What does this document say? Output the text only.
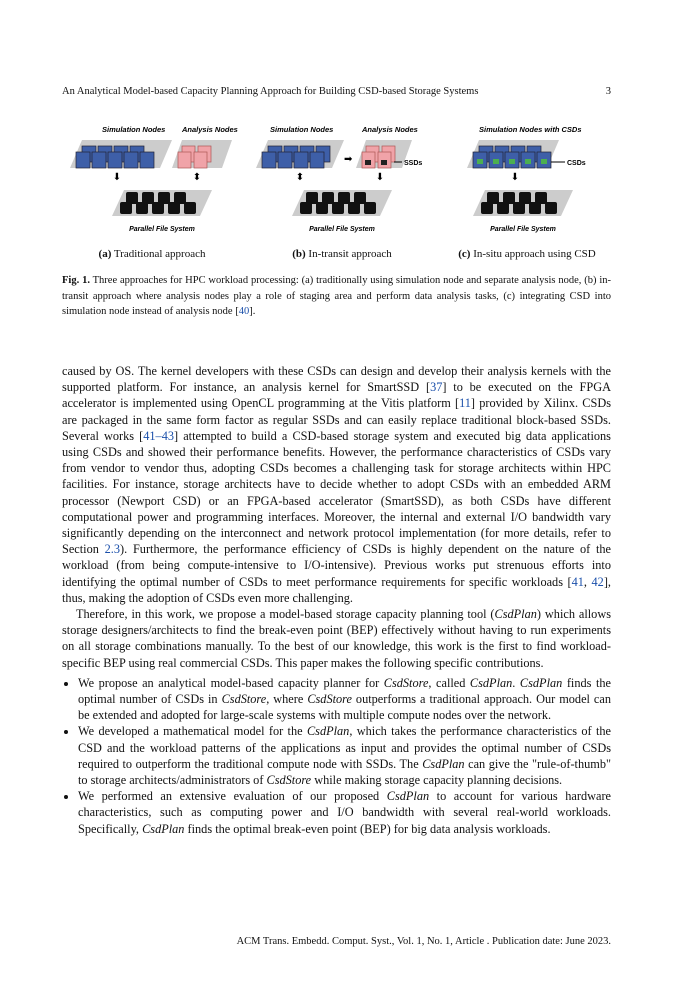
An Analytical Model-based Capacity Planning Approach for Building CSD-based Storage Systems	3
Simulation Nodes Analysis Nodes
⬇	⬍
Parallel File System
(a) Traditional approach
➡	SSDs
Simulation Nodes	Analysis Nodes
⬍	⬇
Parallel File System
(b) In-transit approach
CSDs
Simulation Nodes with CSDs
⬇
Parallel File System
(c) In-situ approach using CSD
Fig. 1. Three approaches for HPC workload processing: (a) traditionally using simulation node and separate analysis node, (b) in-transit approach where analysis nodes play a role of staging area and perform data analysis tasks, (c) integrating CSD into simulation node instead of analysis node [40].

caused by OS. The kernel developers with these CSDs can design and develop their analysis kernels with the supported platform. For instance, an analysis kernel for SmartSSD [37] to be executed on the FPGA accelerator is implemented using OpenCL programming at the Vitis platform [11] provided by Xilinx. CSDs are packaged in the same form factor as regular SSDs and can easily replace traditional block-based SSDs. Several works [41–43] attempted to build a CSD-based storage system and executed big data applications using CSDs and showed their performance benefits. However, the performance characteristics of CSDs vary from vendor to vendor thus, adopting CSDs becomes a challenging task for storage architects within HPC facilities. For instance, storage architects have to decide whether to adopt CSDs with an embedded ARM processor (Newport CSD) or an FPGA-based accelerator (SmartSSD), as both CSDs have different computational power and programming interfaces. Moreover, the internal and external I/O bandwidth vary significantly depending on the interconnect and network protocol implementation (for more details, refer to Section 2.3). Furthermore, the performance efficiency of CSDs is highly dependent on the nature of the workload (from being compute-intensive to I/O-intensive). Previous works put strenuous efforts into identifying the optimal number of CSDs to meet performance requirements for specific workloads [41, 42], thus, making the adoption of CSDs even more challenging.

Therefore, in this work, we propose a model-based storage capacity planning tool (CsdPlan) which allows storage designers/architects to find the break-even point (BEP) effectively without having to run experiments on all storage combinations manually. To the best of our knowledge, this work is the first to find workload-specific BEP using real commercial CSDs. This paper makes the following specific contributions.

• We propose an analytical model-based capacity planner for CsdStore, called CsdPlan. CsdPlan finds the optimal number of CSDs in CsdStore, where CsdStore outperforms a traditional approach. Our model can be extended and adopted for large-scale systems with multiple compute nodes over the network.
• We developed a mathematical model for the CsdPlan, which takes the performance characteristics of the CSD and the workload patterns of the applications as input and provides the optimal number of CSDs required to outperform the traditional compute node with SSDs. The CsdPlan can give the "rule-of-thumb" to storage architects/administrators of CsdStore while making storage capacity planning decisions.
• We performed an extensive evaluation of our proposed CsdPlan to account for various hardware characteristics, such as computing power and I/O bandwidth with several real-world workloads. Specifically, CsdPlan finds the optimal break-even point (BEP) for big data analysis workloads.
ACM Trans. Embedd. Comput. Syst., Vol. 1, No. 1, Article . Publication date: June 2023.
